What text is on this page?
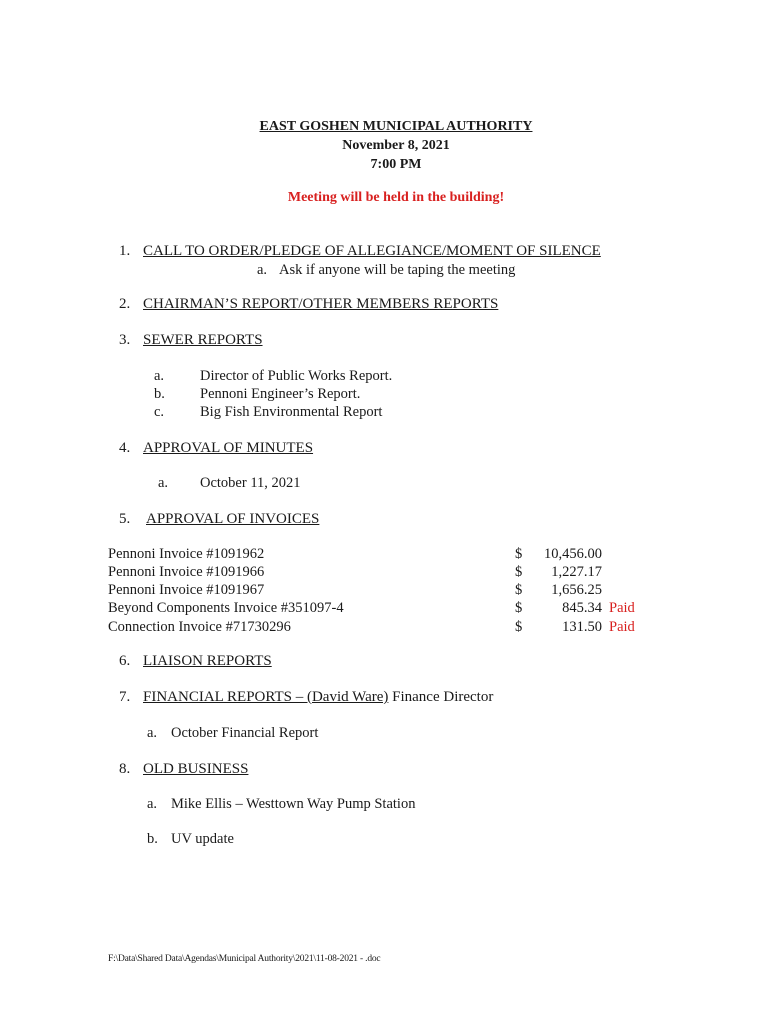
EAST GOSHEN MUNICIPAL AUTHORITY
November 8, 2021
7:00 PM
Meeting will be held in the building!
1. CALL TO ORDER/PLEDGE OF ALLEGIANCE/MOMENT OF SILENCE
a. Ask if anyone will be taping the meeting
2. CHAIRMAN’S REPORT/OTHER MEMBERS REPORTS
3. SEWER REPORTS
a. Director of Public Works Report.
b. Pennoni Engineer’s Report.
c. Big Fish Environmental Report
4. APPROVAL OF MINUTES
a. October 11, 2021
5. APPROVAL OF INVOICES
Pennoni Invoice #1091962	$	10,456.00
Pennoni Invoice #1091966	$	1,227.17
Pennoni Invoice #1091967	$	1,656.25
Beyond Components Invoice #351097-4	$	845.34 Paid
Connection Invoice #71730296	$	131.50 Paid
6. LIAISON REPORTS
7. FINANCIAL REPORTS – (David Ware) Finance Director
a. October Financial Report
8. OLD BUSINESS
a. Mike Ellis – Westtown Way Pump Station
b. UV update
F:\Data\Shared Data\Agendas\Municipal Authority\2021\11-08-2021 - .doc
